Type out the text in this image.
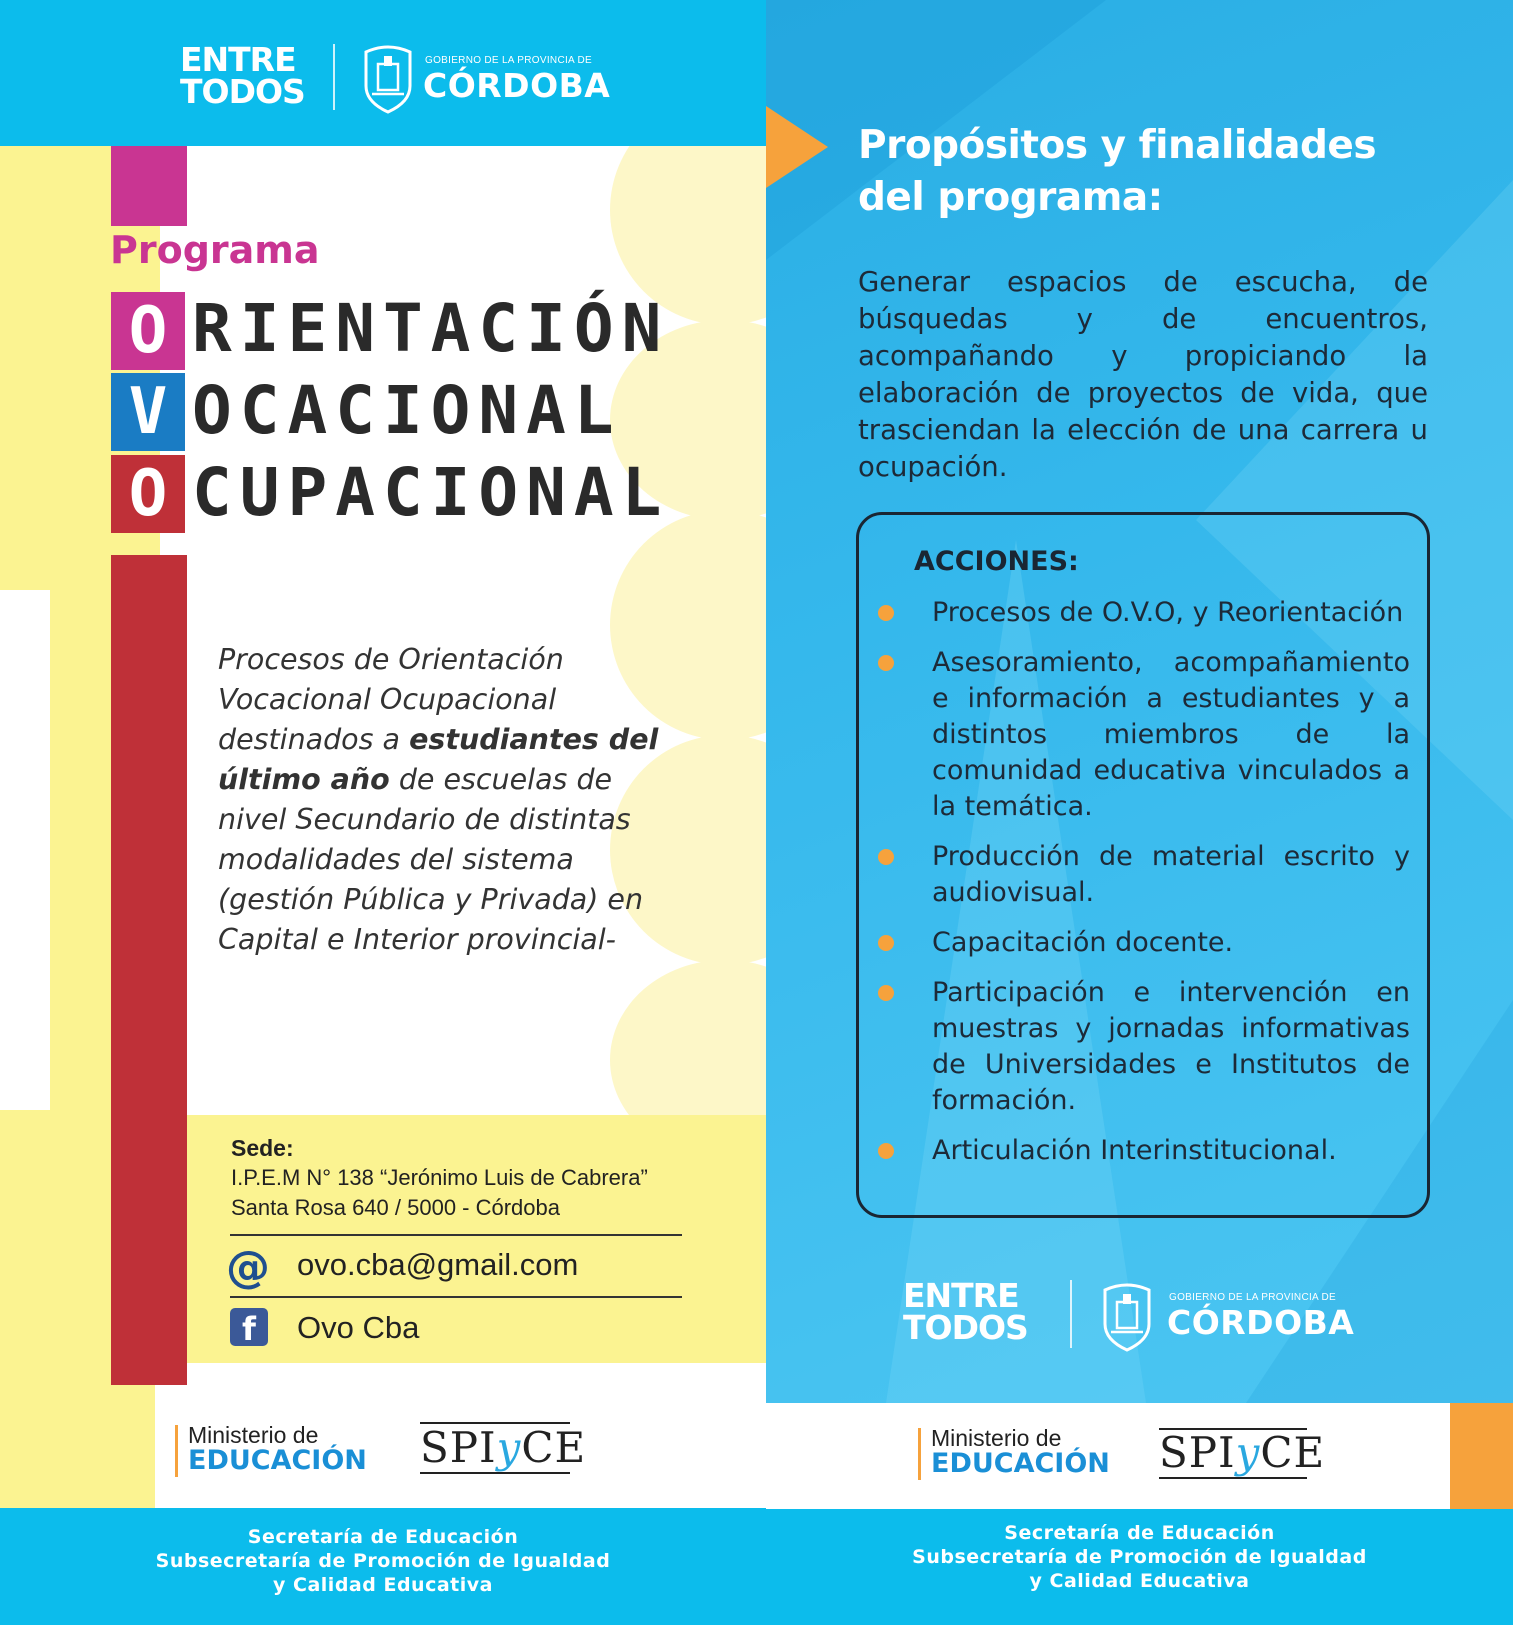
ENTRE
TODOS
GOBIERNO DE LA PROVINCIA DE
CÓRDOBA
Programa
O RIENTACIÓN
V OCACIONAL
O CUPACIONAL
Procesos de Orientación Vocacional Ocupacional destinados a estudiantes del último año de escuelas de nivel Secundario de distintas modalidades del sistema (gestión Pública y Privada) en Capital e Interior provincial-
Sede:
I.P.E.M N° 138 “Jerónimo Luis de Cabrera”
Santa Rosa 640 / 5000 - Córdoba
@ ovo.cba@gmail.com
f	Ovo Cba
Ministerio de
EDUCACIÓN SPIyCE
Secretaría de Educación
Subsecretaría de Promoción de Igualdad
y Calidad Educativa
Propósitos y finalidades
del programa:
Generar espacios de escucha, de búsquedas y de encuentros, acompañando y propiciando la elaboración de proyectos de vida, que trasciendan la elección de una carrera u ocupación.
ACCIONES:
Procesos de O.V.O, y Reorientación
Asesoramiento, acompañamiento e información a estudiantes y a distintos miembros de la comunidad educativa vinculados a la temática.
Producción de material escrito y audiovisual.
Capacitación docente.
Participación e intervención en muestras y jornadas informativas de Universidades e Institutos de formación.
Articulación Interinstitucional.
ENTRE
TODOS
GOBIERNO DE LA PROVINCIA DE
CÓRDOBA
Ministerio de
EDUCACIÓN SPIyCE
Secretaría de Educación
Subsecretaría de Promoción de Igualdad
y Calidad Educativa
